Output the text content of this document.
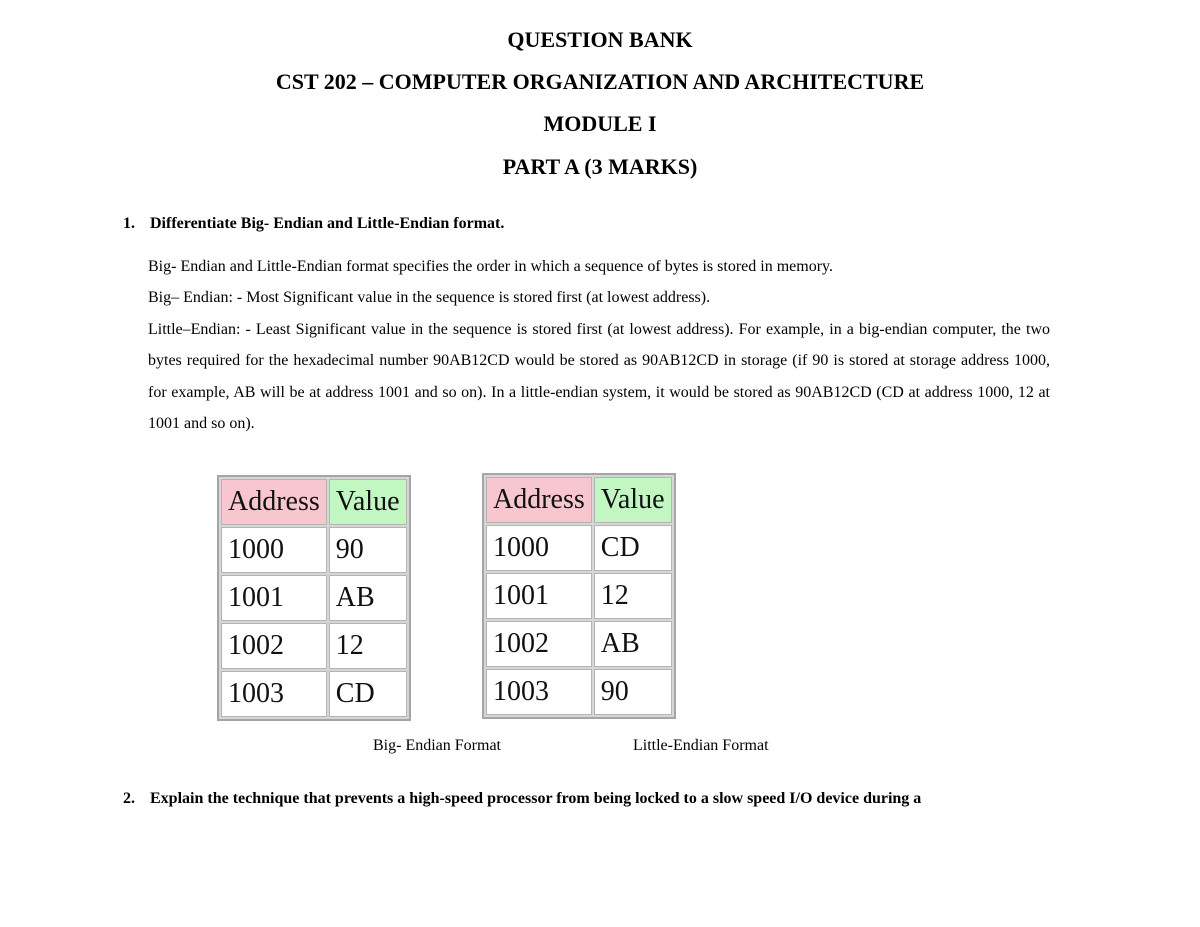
QUESTION BANK
CST 202 – COMPUTER ORGANIZATION AND ARCHITECTURE
MODULE I
PART A (3 MARKS)
1. Differentiate Big- Endian and Little-Endian format.

Big- Endian and Little-Endian format specifies the order in which a sequence of bytes is stored in memory.

Big– Endian: - Most Significant value in the sequence is stored first (at lowest address).

Little–Endian: - Least Significant value in the sequence is stored first (at lowest address). For example, in a big-endian computer, the two bytes required for the hexadecimal number 90AB12CD would be stored as 90AB12CD in storage (if 90 is stored at storage address 1000, for example, AB will be at address 1001 and so on). In a little-endian system, it would be stored as 90AB12CD (CD at address 1000, 12 at 1001 and so on).

Address	Value
1000	90
1001	AB
1002	12
1003	CD
Address	Value
1000	CD
1001	12
1002	AB
1003	90
Big- Endian Format	Little-Endian Format
2. Explain the technique that prevents a high-speed processor from being locked to a slow speed I/O device during a
